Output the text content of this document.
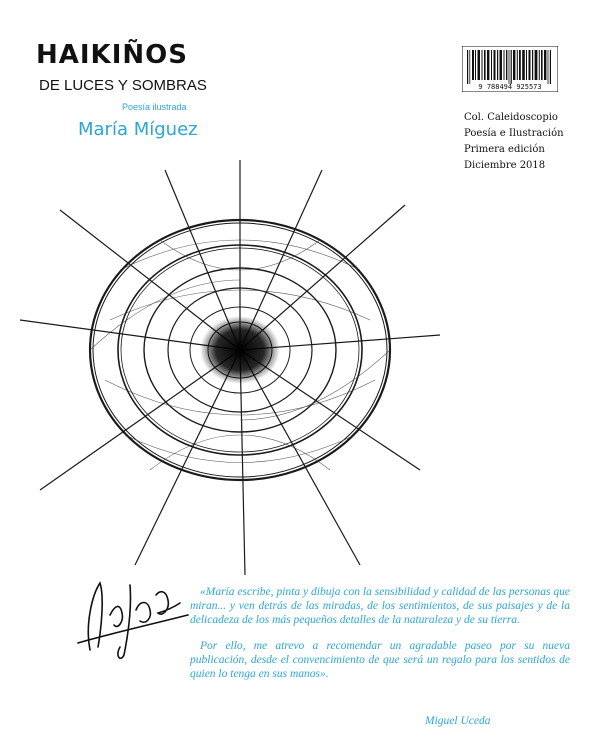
HAIKIÑOS
DE LUCES Y SOMBRAS
Poesía ilustrada
María Míguez
9 788494 925573
Col. Caleidoscopio
Poesía e Ilustración
Primera edición
Diciembre 2018

«María escribe, pinta y dibuja con la sensibilidad y calidad de las personas que miran... y ven detrás de las miradas, de los sentimientos, de sus paisajes y de la delicadeza de los más pequeños detalles de la naturaleza y de su tierra.

Por ello, me atrevo a recomendar un agradable paseo por su nueva publicación, desde el convencimiento de que será un regalo para los sentidos de quien lo tenga en sus manos».

Miguel Uceda
